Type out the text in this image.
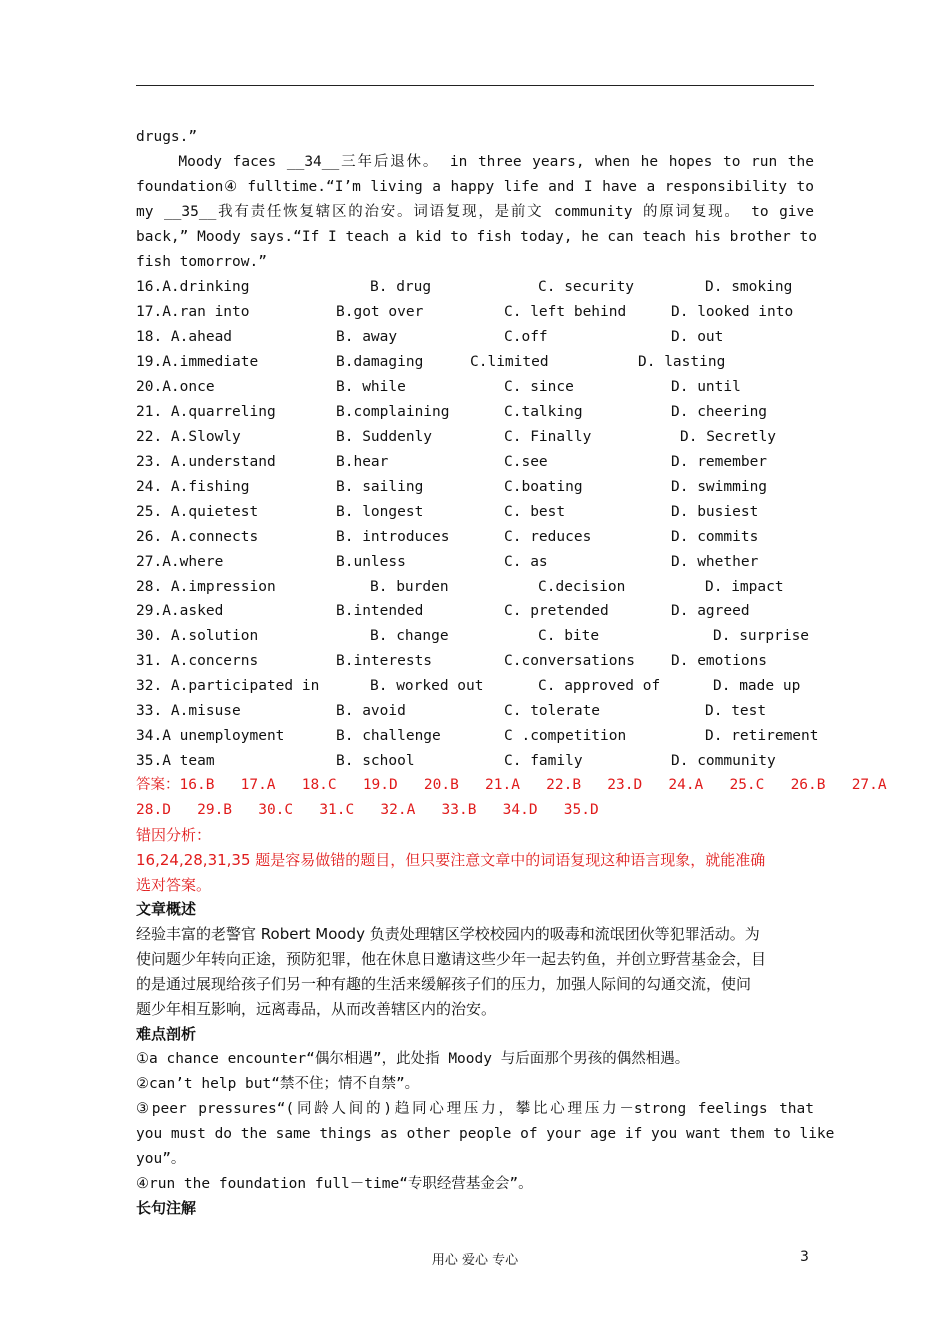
drugs.”
Moody faces __34__三年后退休。 in three years, when he hopes to run the
foundation④ fulltime.“I’m living a happy life and I have a responsibility to
my __35__我有责任恢复辖区的治安。词语复现，是前文 community 的原词复现。 to give
back,” Moody says.“If I teach a kid to fish today, he can teach his brother to
fish tomorrow.”
16.A.drinking	B. drug	C. security	D. smoking
17.A.ran into	B.got over	C. left behind	D. looked into
18. A.ahead	B. away	C.off	D. out
19.A.immediate	B.damaging	C.limited	D. lasting
20.A.once	B. while	C. since	D. until
21. A.quarreling	B.complaining	C.talking	D. cheering
22. A.Slowly	B. Suddenly	C. Finally	D. Secretly
23. A.understand	B.hear	C.see	D. remember
24. A.fishing	B. sailing	C.boating	D. swimming
25. A.quietest	B. longest	C. best	D. busiest
26. A.connects	B. introduces	C. reduces	D. commits
27.A.where	B.unless	C. as	D. whether
28. A.impression	B. burden	C.decision	D. impact
29.A.asked	B.intended	C. pretended	D. agreed
30. A.solution	B. change	C. bite	D. surprise
31. A.concerns	B.interests	C.conversations D. emotions
32. A.participated in	B. worked out	C. approved of	D. made up
33. A.misuse	B. avoid	C. tolerate	D. test
34.A unemployment	B. challenge	C .competition	D. retirement
35.A team	B. school	C. family	D. community
答案：16.B   17.A   18.C   19.D   20.B   21.A   22.B   23.D   24.A   25.C   26.B   27.A
28.D   29.B   30.C   31.C   32.A   33.B   34.D   35.D
错因分析：
16,24,28,31,35 题是容易做错的题目，但只要注意文章中的词语复现这种语言现象，就能准确
选对答案。
文章概述
经验丰富的老警官 Robert Moody 负责处理辖区学校校园内的吸毒和流氓团伙等犯罪活动。为
使问题少年转向正途，预防犯罪，他在休息日邀请这些少年一起去钓鱼，并创立野营基金会，目
的是通过展现给孩子们另一种有趣的生活来缓解孩子们的压力，加强人际间的勾通交流，使问
题少年相互影响，远离毒品，从而改善辖区内的治安。
难点剖析
①a chance encounter“偶尔相遇”，此处指 Moody 与后面那个男孩的偶然相遇。
②can’t help but“禁不住；情不自禁”。
③peer pressures“(同龄人间的)趋同心理压力，攀比心理压力－strong feelings that
you must do the same things as other people of your age if you want them to like
you”。
④run the foundation full－time“专职经营基金会”。
长句注解
用心 爱心 专心	3
